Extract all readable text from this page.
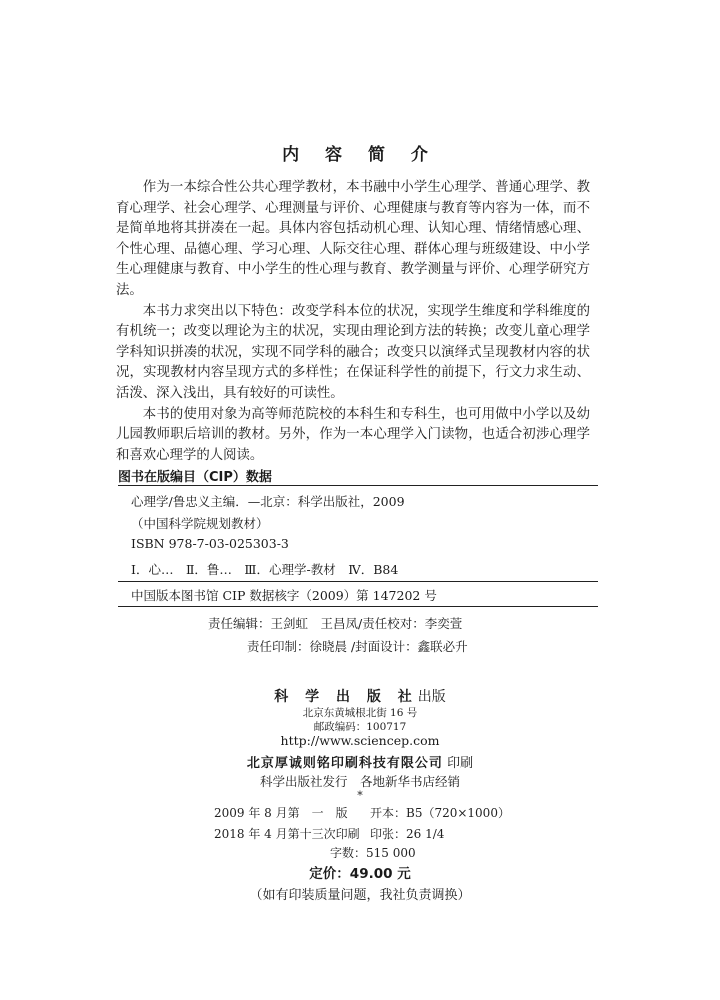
内 容 简 介

作为一本综合性公共心理学教材，本书融中小学生心理学、普通心理学、教育心理学、社会心理学、心理测量与评价、心理健康与教育等内容为一体，而不是简单地将其拼凑在一起。具体内容包括动机心理、认知心理、情绪情感心理、个性心理、品德心理、学习心理、人际交往心理、群体心理与班级建设、中小学生心理健康与教育、中小学生的性心理与教育、教学测量与评价、心理学研究方法。

本书力求突出以下特色：改变学科本位的状况，实现学生维度和学科维度的有机统一；改变以理论为主的状况，实现由理论到方法的转换；改变儿童心理学学科知识拼凑的状况，实现不同学科的融合；改变只以演绎式呈现教材内容的状况，实现教材内容呈现方式的多样性；在保证科学性的前提下，行文力求生动、活泼、深入浅出，具有较好的可读性。

本书的使用对象为高等师范院校的本科生和专科生，也可用做中小学以及幼儿园教师职后培训的教材。另外，作为一本心理学入门读物，也适合初涉心理学和喜欢心理学的人阅读。

图书在版编目（CIP）数据
心理学/鲁忠义主编．—北京：科学出版社，2009
（中国科学院规划教材）
ISBN 978-7-03-025303-3
Ⅰ．心…　Ⅱ．鲁…　Ⅲ．心理学-教材　Ⅳ．B84
中国版本图书馆 CIP 数据核字（2009）第 147202 号
责任编辑：王剑虹　王昌凤/责任校对：李奕萱
责任印制：徐晓晨 /封面设计：鑫联必升
科 学 出 版 社出版
北京东黄城根北街 16 号
邮政编码：100717
http://www.sciencep.com
北京厚诚则铭印刷科技有限公司 印刷
科学出版社发行　各地新华书店经销
*
2009 年 8 月第　一　版 开本：B5（720×1000）
2018 年 4 月第十三次印刷 印张：26 1/4
字数：515 000
定价：49.00 元
（如有印装质量问题，我社负责调换）
